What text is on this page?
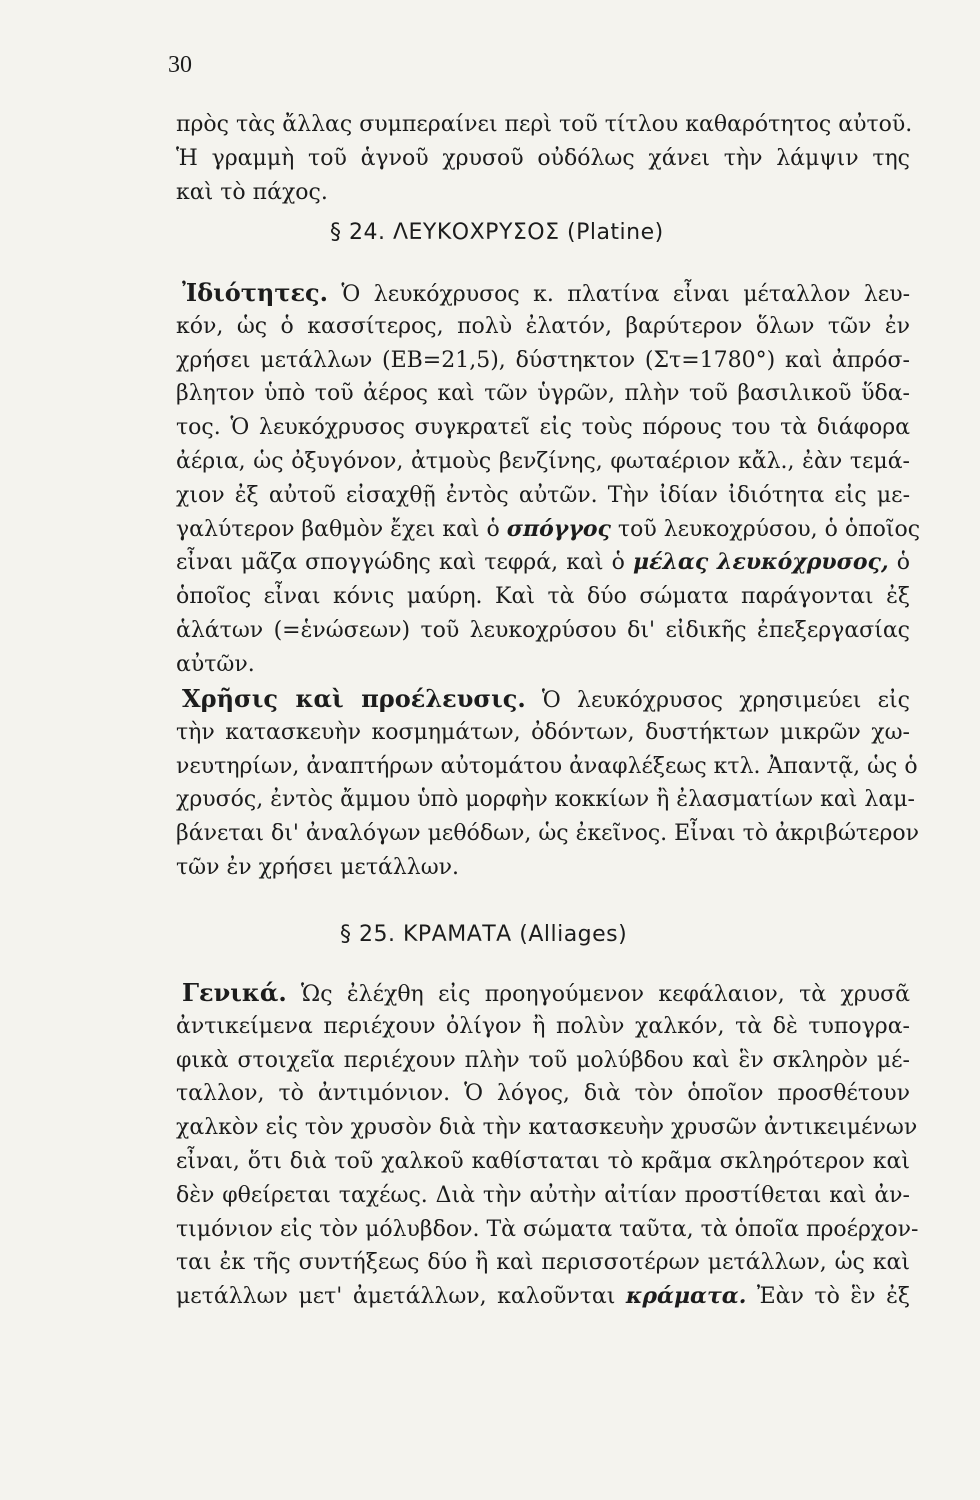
30
πρὸς τὰς ἄλλας συμπεραίνει περὶ τοῦ τίτλου καθαρότητος αὐτοῦ.
Ἡ γραμμὴ τοῦ ἁγνοῦ χρυσοῦ οὐδόλως χάνει τὴν λάμψιν της
καὶ τὸ πάχος.
§ 24. ΛΕΥΚΟΧΡΥΣΟΣ (Platine)
Ἰδιότητες. Ὁ λευκόχρυσος κ. πλατίνα εἶναι μέταλλον λευ-
κόν, ὡς ὁ κασσίτερος, πολὺ ἐλατόν, βαρύτερον ὅλων τῶν ἐν
χρήσει μετάλλων (ΕΒ=21,5), δύστηκτον (Στ=1780°) καὶ ἀπρόσ-
βλητον ὑπὸ τοῦ ἀέρος καὶ τῶν ὑγρῶν, πλὴν τοῦ βασιλικοῦ ὕδα-
τος. Ὁ λευκόχρυσος συγκρατεῖ εἰς τοὺς πόρους του τὰ διάφορα
ἀέρια, ὡς ὀξυγόνον, ἀτμοὺς βενζίνης, φωταέριον κἄλ., ἐὰν τεμά-
χιον ἐξ αὐτοῦ εἰσαχθῇ ἐντὸς αὐτῶν. Τὴν ἰδίαν ἰδιότητα εἰς με-
γαλύτερον βαθμὸν ἔχει καὶ ὁ σπόγγος τοῦ λευκοχρύσου, ὁ ὁποῖος
εἶναι μᾶζα σπογγώδης καὶ τεφρά, καὶ ὁ μέλας λευκόχρυσος, ὁ
ὁποῖος εἶναι κόνις μαύρη. Καὶ τὰ δύο σώματα παράγονται ἐξ
ἁλάτων (=ἑνώσεων) τοῦ λευκοχρύσου δι' εἰδικῆς ἐπεξεργασίας
αὐτῶν.
Χρῆσις καὶ προέλευσις. Ὁ λευκόχρυσος χρησιμεύει εἰς
τὴν κατασκευὴν κοσμημάτων, ὀδόντων, δυστήκτων μικρῶν χω-
νευτηρίων, ἀναπτήρων αὐτομάτου ἀναφλέξεως κτλ. Ἀπαντᾷ, ὡς ὁ
χρυσός, ἐντὸς ἄμμου ὑπὸ μορφὴν κοκκίων ἢ ἐλασματίων καὶ λαμ-
βάνεται δι' ἀναλόγων μεθόδων, ὡς ἐκεῖνος. Εἶναι τὸ ἀκριβώτερον
τῶν ἐν χρήσει μετάλλων.
§ 25. ΚΡΑΜΑΤΑ (Alliages)
Γενικά. Ὡς ἐλέχθη εἰς προηγούμενον κεφάλαιον, τὰ χρυσᾶ
ἀντικείμενα περιέχουν ὀλίγον ἢ πολὺν χαλκόν, τὰ δὲ τυπογρα-
φικὰ στοιχεῖα περιέχουν πλὴν τοῦ μολύβδου καὶ ἓν σκληρὸν μέ-
ταλλον, τὸ ἀντιμόνιον. Ὁ λόγος, διὰ τὸν ὁποῖον προσθέτουν
χαλκὸν εἰς τὸν χρυσὸν διὰ τὴν κατασκευὴν χρυσῶν ἀντικειμένων
εἶναι, ὅτι διὰ τοῦ χαλκοῦ καθίσταται τὸ κρᾶμα σκληρότερον καὶ
δὲν φθείρεται ταχέως. Διὰ τὴν αὐτὴν αἰτίαν προστίθεται καὶ ἀν-
τιμόνιον εἰς τὸν μόλυβδον. Τὰ σώματα ταῦτα, τὰ ὁποῖα προέρχον-
ται ἐκ τῆς συντήξεως δύο ἢ καὶ περισσοτέρων μετάλλων, ὡς καὶ
μετάλλων μετ' ἀμετάλλων, καλοῦνται κράματα. Ἐὰν τὸ ἓν ἐξ
